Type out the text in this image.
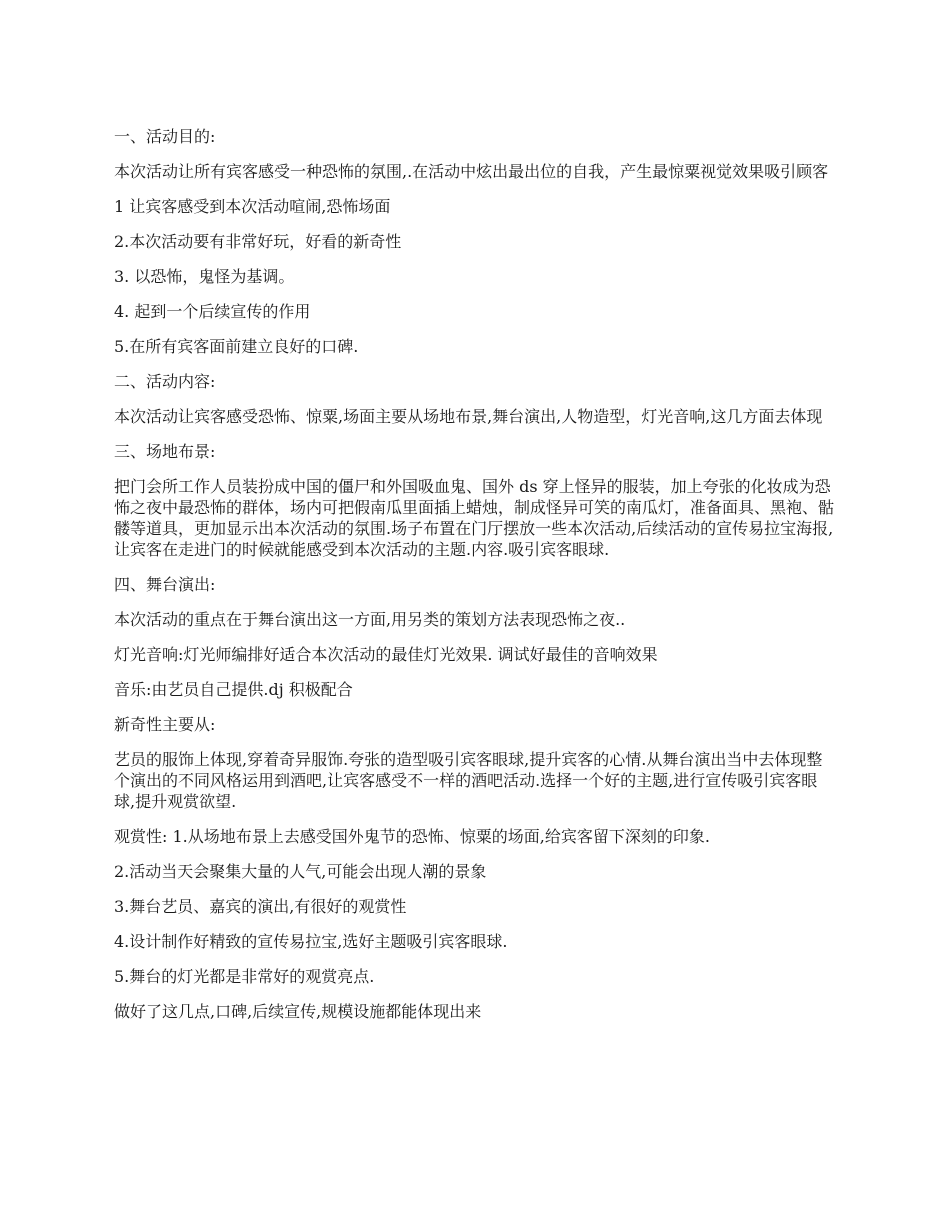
一、活动目的:

本次活动让所有宾客感受一种恐怖的氛围,.在活动中炫出最出位的自我，产生最惊粟视觉效果吸引顾客

1 让宾客感受到本次活动喧闹,恐怖场面

2.本次活动要有非常好玩，好看的新奇性

3. 以恐怖，鬼怪为基调。

4. 起到一个后续宣传的作用

5.在所有宾客面前建立良好的口碑.

二、活动内容:

本次活动让宾客感受恐怖、惊粟,场面主要从场地布景,舞台演出,人物造型，灯光音响,这几方面去体现

三、场地布景:

把门会所工作人员装扮成中国的僵尸和外国吸血鬼、国外 ds 穿上怪异的服装，加上夸张的化妆成为恐怖之夜中最恐怖的群体，场内可把假南瓜里面插上蜡烛，制成怪异可笑的南瓜灯，准备面具、黑袍、骷髅等道具，更加显示出本次活动的氛围.场子布置在门厅摆放一些本次活动,后续活动的宣传易拉宝海报,让宾客在走进门的时候就能感受到本次活动的主题.内容.吸引宾客眼球.

四、舞台演出:

本次活动的重点在于舞台演出这一方面,用另类的策划方法表现恐怖之夜..

灯光音响:灯光师编排好适合本次活动的最佳灯光效果. 调试好最佳的音响效果

音乐:由艺员自己提供.dj 积极配合

新奇性主要从:

艺员的服饰上体现,穿着奇异服饰.夸张的造型吸引宾客眼球,提升宾客的心情.从舞台演出当中去体现整个演出的不同风格运用到酒吧,让宾客感受不一样的酒吧活动.选择一个好的主题,进行宣传吸引宾客眼球,提升观赏欲望.

观赏性: 1.从场地布景上去感受国外鬼节的恐怖、惊粟的场面,给宾客留下深刻的印象.

2.活动当天会聚集大量的人气,可能会出现人潮的景象

3.舞台艺员、嘉宾的演出,有很好的观赏性

4.设计制作好精致的宣传易拉宝,选好主题吸引宾客眼球.

5.舞台的灯光都是非常好的观赏亮点.

做好了这几点,口碑,后续宣传,规模设施都能体现出来
